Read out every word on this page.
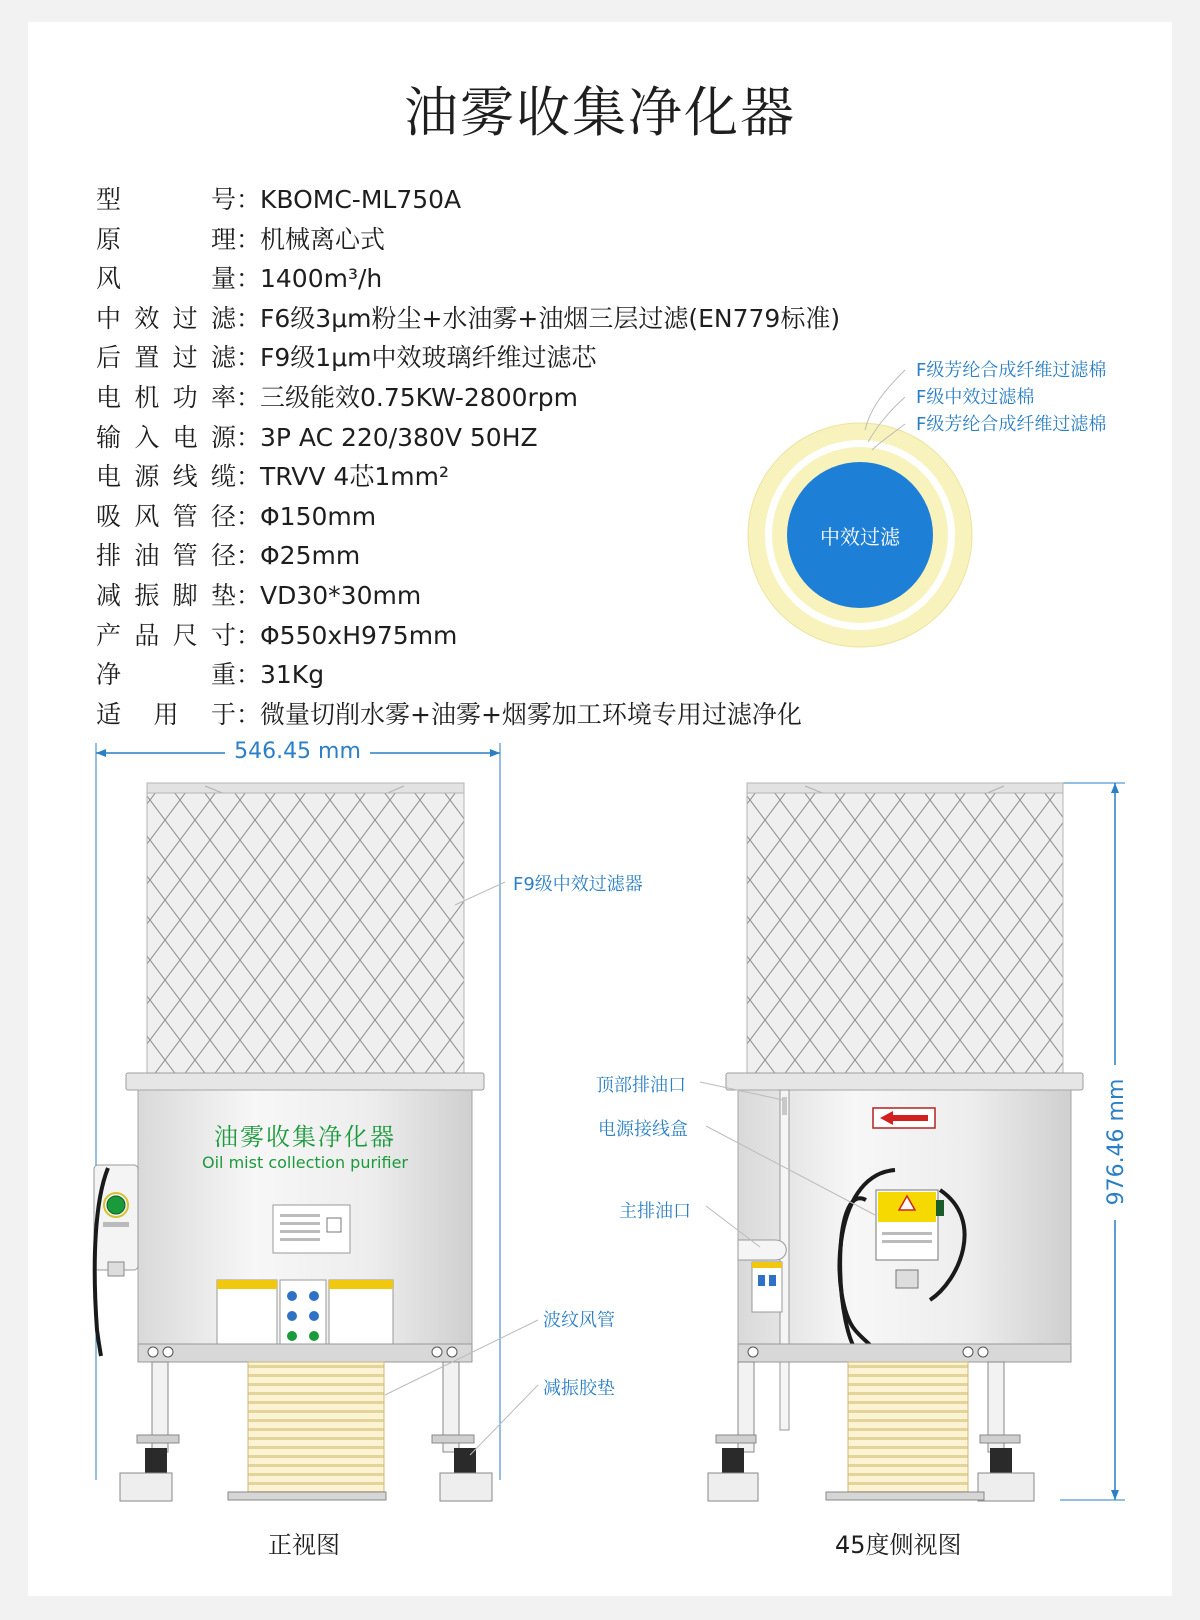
油雾收集净化器
型号：KBOMC-ML750A
原理：机械离心式
风量：1400m³/h
中效过滤：F6级3μm粉尘+水油雾+油烟三层过滤(EN779标准)
后置过滤：F9级1μm中效玻璃纤维过滤芯
电机功率：三级能效0.75KW-2800rpm
输入电源：3P AC 220/380V 50HZ
电源线缆：TRVV 4芯1mm²
吸风管径：Φ150mm
排油管径：Φ25mm
减振脚垫：VD30*30mm
产品尺寸：Φ550xH975mm
净重：31Kg
适用于：微量切削水雾+油雾+烟雾加工环境专用过滤净化
F级芳纶合成纤维过滤棉
F级中效过滤棉
F级芳纶合成纤维过滤棉
中效过滤
546.45 mm
油雾收集净化器
Oil mist collection purifier
F9级中效过滤器
正视图
976.46 mm
顶部排油口
电源接线盒
主排油口
波纹风管
减振胶垫
45度侧视图
